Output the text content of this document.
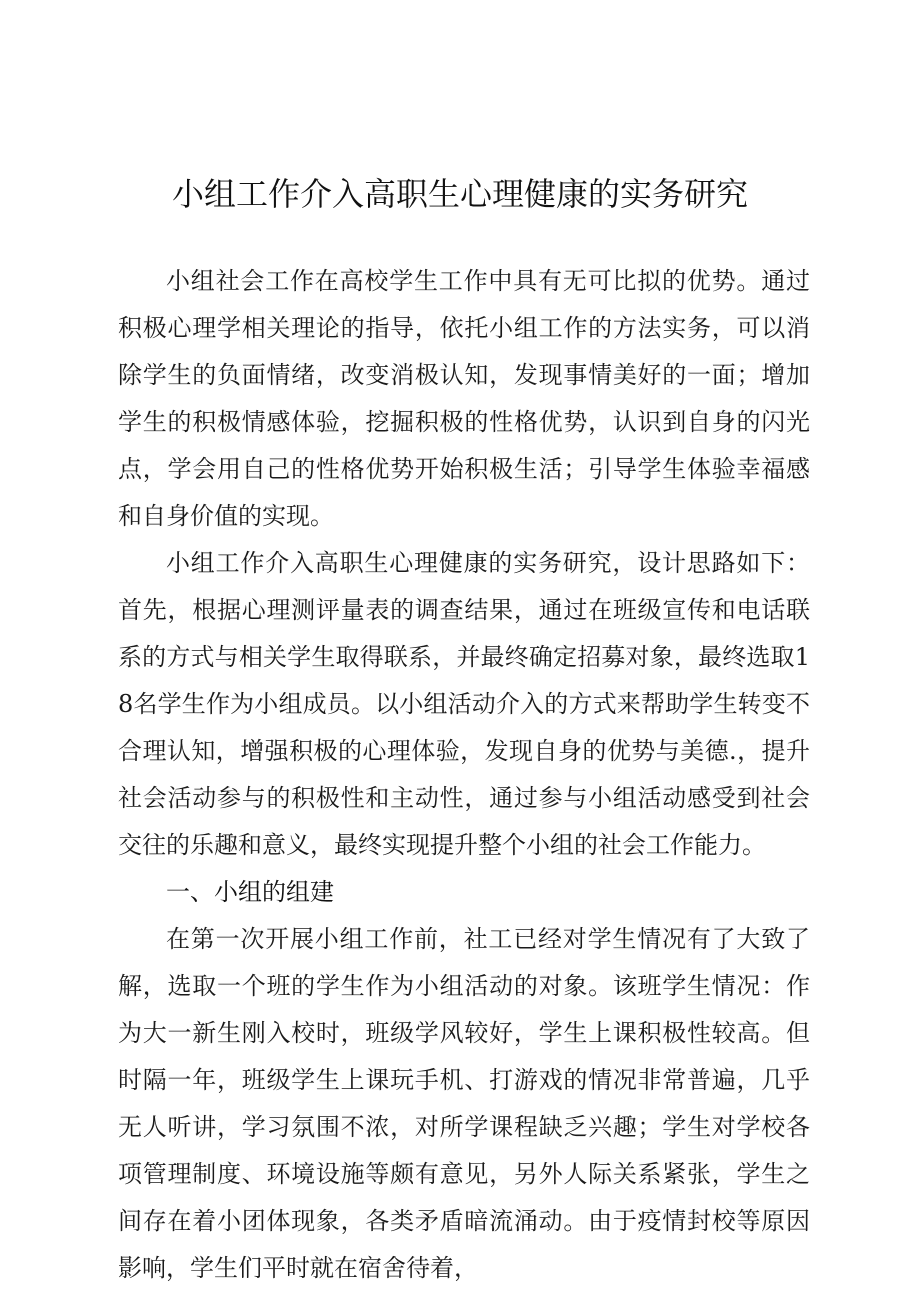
小组工作介入高职生心理健康的实务研究

小组社会工作在高校学生工作中具有无可比拟的优势。通过积极心理学相关理论的指导，依托小组工作的方法实务，可以消除学生的负面情绪，改变消极认知，发现事情美好的一面；增加学生的积极情感体验，挖掘积极的性格优势，认识到自身的闪光点，学会用自己的性格优势开始积极生活；引导学生体验幸福感和自身价值的实现。

小组工作介入高职生心理健康的实务研究，设计思路如下：首先，根据心理测评量表的调查结果，通过在班级宣传和电话联系的方式与相关学生取得联系，并最终确定招募对象，最终选取18名学生作为小组成员。以小组活动介入的方式来帮助学生转变不合理认知，增强积极的心理体验，发现自身的优势与美德.，提升社会活动参与的积极性和主动性，通过参与小组活动感受到社会交往的乐趣和意义，最终实现提升整个小组的社会工作能力。

一、小组的组建

在第一次开展小组工作前，社工已经对学生情况有了大致了解，选取一个班的学生作为小组活动的对象。该班学生情况：作为大一新生刚入校时，班级学风较好，学生上课积极性较高。但时隔一年，班级学生上课玩手机、打游戏的情况非常普遍，几乎无人听讲，学习氛围不浓，对所学课程缺乏兴趣；学生对学校各项管理制度、环境设施等颇有意见，另外人际关系紧张，学生之间存在着小团体现象，各类矛盾暗流涌动。由于疫情封校等原因影响，学生们平时就在宿舍待着，
